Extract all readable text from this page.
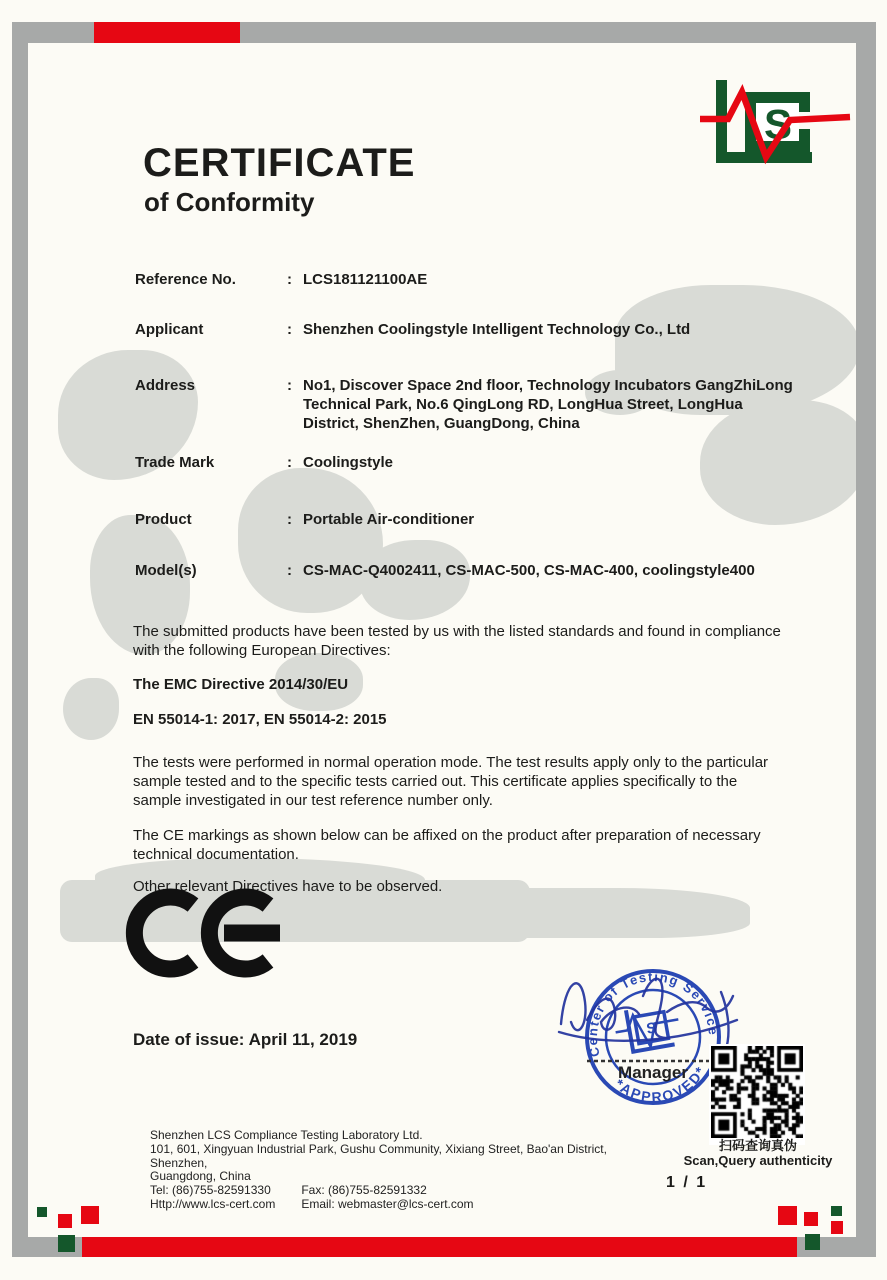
S
CERTIFICATE
of Conformity
Reference No.	: LCS181121100AE
Applicant	: Shenzhen Coolingstyle Intelligent Technology Co., Ltd
Address	: No1, Discover Space 2nd floor, Technology Incubators GangZhiLong Technical Park, No.6 QingLong RD, LongHua Street, LongHua District, ShenZhen, GuangDong, China
Trade Mark	: Coolingstyle
Product	: Portable Air-conditioner
Model(s)	: CS-MAC-Q4002411, CS-MAC-500, CS-MAC-400, coolingstyle400

The submitted products have been tested by us with the listed standards and found in compliance with the following European Directives:

The EMC Directive 2014/30/EU

EN 55014-1: 2017, EN 55014-2: 2015

The tests were performed in normal operation mode. The test results apply only to the particular sample tested and to the specific tests carried out. This certificate applies specifically to the sample investigated in our test reference number only.

The CE markings as shown below can be affixed on the product after preparation of necessary technical documentation.

Other relevant Directives have to be observed.

Date of issue: April 11, 2019
Center of Testing Service
*APPROVED*
S
Manager
扫码查询真伪
Scan,Query authenticity
Shenzhen LCS Compliance Testing Laboratory Ltd.
101, 601, Xingyuan Industrial Park, Gushu Community, Xixiang Street, Bao'an District, Shenzhen,
Guangdong, China
Tel: (86)755-82591330	Fax: (86)755-82591332
Http://www.lcs-cert.com Email: webmaster@lcs-cert.com
1 / 1
